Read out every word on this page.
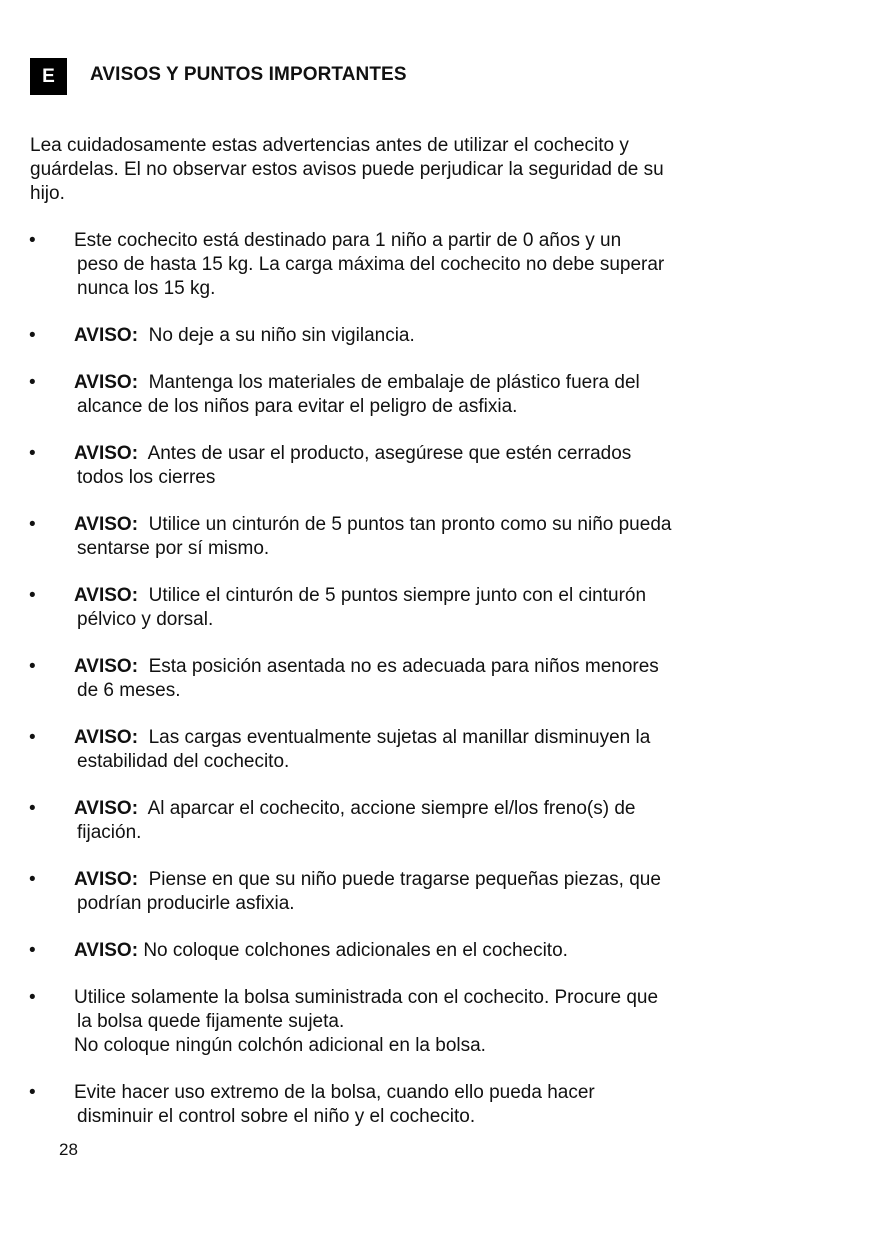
E	AVISOS Y PUNTOS IMPORTANTES
Lea cuidadosamente estas advertencias antes de utilizar el cochecito y
guárdelas. El no observar estos avisos puede perjudicar la seguridad de su
hijo.
• Este cochecito está destinado para 1 niño a partir de 0 años y un
peso de hasta 15 kg. La carga máxima del cochecito no debe superar
nunca los 15 kg.
• AVISO: No deje a su niño sin vigilancia.
• AVISO: Mantenga los materiales de embalaje de plástico fuera del
alcance de los niños para evitar el peligro de asfixia.
• AVISO: Antes de usar el producto, asegúrese que estén cerrados
todos los cierres
• AVISO: Utilice un cinturón de 5 puntos tan pronto como su niño pueda
sentarse por sí mismo.
• AVISO: Utilice el cinturón de 5 puntos siempre junto con el cinturón
pélvico y dorsal.
• AVISO: Esta posición asentada no es adecuada para niños menores
de 6 meses.
• AVISO: Las cargas eventualmente sujetas al manillar disminuyen la
estabilidad del cochecito.
• AVISO: Al aparcar el cochecito, accione siempre el/los freno(s) de
fijación.
• AVISO: Piense en que su niño puede tragarse pequeñas piezas, que
podrían producirle asfixia.
• AVISO: No coloque colchones adicionales en el cochecito.
• Utilice solamente la bolsa suministrada con el cochecito. Procure que
la bolsa quede fijamente sujeta.
No coloque ningún colchón adicional en la bolsa.
• Evite hacer uso extremo de la bolsa, cuando ello pueda hacer
disminuir el control sobre el niño y el cochecito.
28
